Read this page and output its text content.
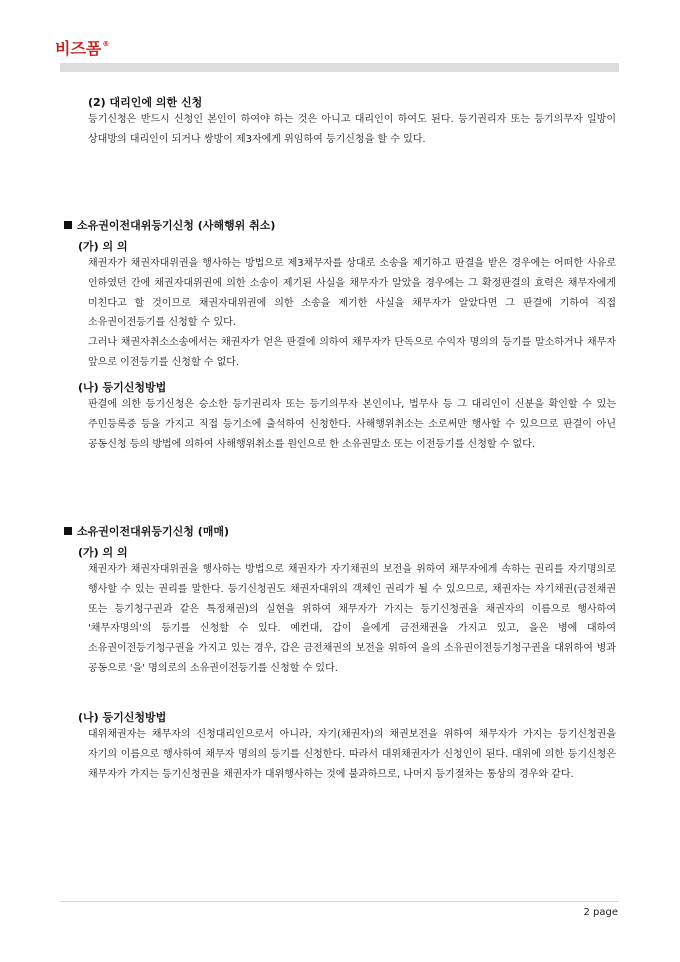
비즈폼®
(2) 대리인에 의한 신청
등기신청은 반드시 신청인 본인이 하여야 하는 것은 아니고 대리인이 하여도 된다. 등기권리자 또는 등기의무자 일방이 상대방의 대리인이 되거나 쌍방이 제3자에게 위임하여 등기신청을 할 수 있다.
소유권이전대위등기신청 (사해행위 취소)
(가) 의 의
채권자가 채권자대위권을 행사하는 방법으로 제3채무자를 상대로 소송을 제기하고 판결을 받은 경우에는 어떠한 사유로 인하였던 간에 채권자대위권에 의한 소송이 제기된 사실을 채무자가 알았을 경우에는 그 확정판결의 효력은 채무자에게 미친다고 할 것이므로 채권자대위권에 의한 소송을 제기한 사실을 채무자가 알았다면 그 판결에 기하여 직접 소유권이전등기를 신청할 수 있다.
그러나 채권자취소소송에서는 채권자가 얻은 판결에 의하여 채무자가 단독으로 수익자 명의의 등기를 말소하거나 채무자 앞으로 이전등기를 신청할 수 없다.
(나) 등기신청방법
판결에 의한 등기신청은 승소한 등기권리자 또는 등기의무자 본인이나, 법무사 등 그 대리인이 신분을 확인할 수 있는 주민등록증 등을 가지고 직접 등기소에 출석하여 신청한다. 사해행위취소는 소로써만 행사할 수 있으므로 판결이 아닌 공동신청 등의 방법에 의하여 사해행위취소를 원인으로 한 소유권말소 또는 이전등기를 신청할 수 없다.
소유권이전대위등기신청 (매매)
(가) 의 의
채권자가 채권자대위권을 행사하는 방법으로 채권자가 자기채권의 보전을 위하여 채무자에게 속하는 권리를 자기명의로 행사할 수 있는 권리를 말한다. 등기신청권도 채권자대위의 객체인 권리가 될 수 있으므로, 채권자는 자기채권(금전채권 또는 등기청구권과 같은 특정채권)의 실현을 위하여 채무자가 가지는 등기신청권을 채권자의 이름으로 행사하여 '채무자명의'의 등기를 신청할 수 있다. 예컨대, 갑이 을에게 금전채권을 가지고 있고, 을은 병에 대하여 소유권이전등기청구권을 가지고 있는 경우, 갑은 금전채권의 보전을 위하여 을의 소유권이전등기청구권을 대위하여 병과 공동으로 '을' 명의로의 소유권이전등기를 신청할 수 있다.
(나) 등기신청방법
대위채권자는 채무자의 신청대리인으로서 아니라, 자기(채권자)의 채권보전을 위하여 채무자가 가지는 등기신청권을 자기의 이름으로 행사하여 채무자 명의의 등기를 신청한다. 따라서 대위채권자가 신청인이 된다. 대위에 의한 등기신청은 채무자가 가지는 등기신청권을 채권자가 대위행사하는 것에 불과하므로, 나머지 등기절차는 통상의 경우와 같다.
2 page
